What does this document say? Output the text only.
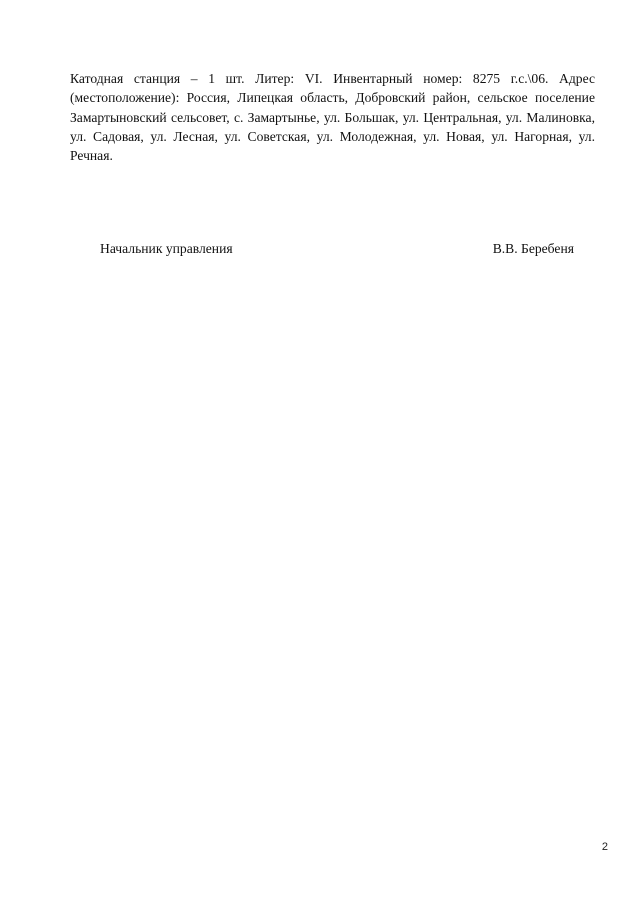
Катодная станция – 1 шт. Литер: VI. Инвентарный номер: 8275 г.с.\06. Адрес (местоположение): Россия, Липецкая область, Добровский район, сельское поселение Замартыновский сельсовет, с. Замартынье, ул. Большак, ул. Центральная, ул. Малиновка, ул. Садовая, ул. Лесная, ул. Советская, ул. Молодежная, ул. Новая, ул. Нагорная, ул. Речная.

Начальник управления	В.В. Беребеня
2
